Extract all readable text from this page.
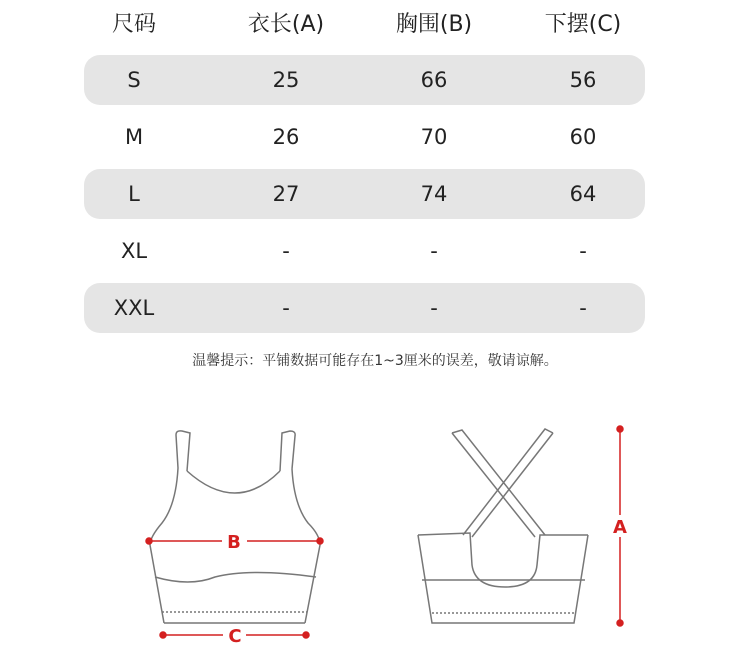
尺码	衣长(A)	胸围(B)	下摆(C)
S	25	66	56
M	26	70	60
L	27	74	64
XL	-	-	-
XXL	-	-	-
温馨提示：平铺数据可能存在1~3厘米的误差，敬请谅解。
B
C
A
